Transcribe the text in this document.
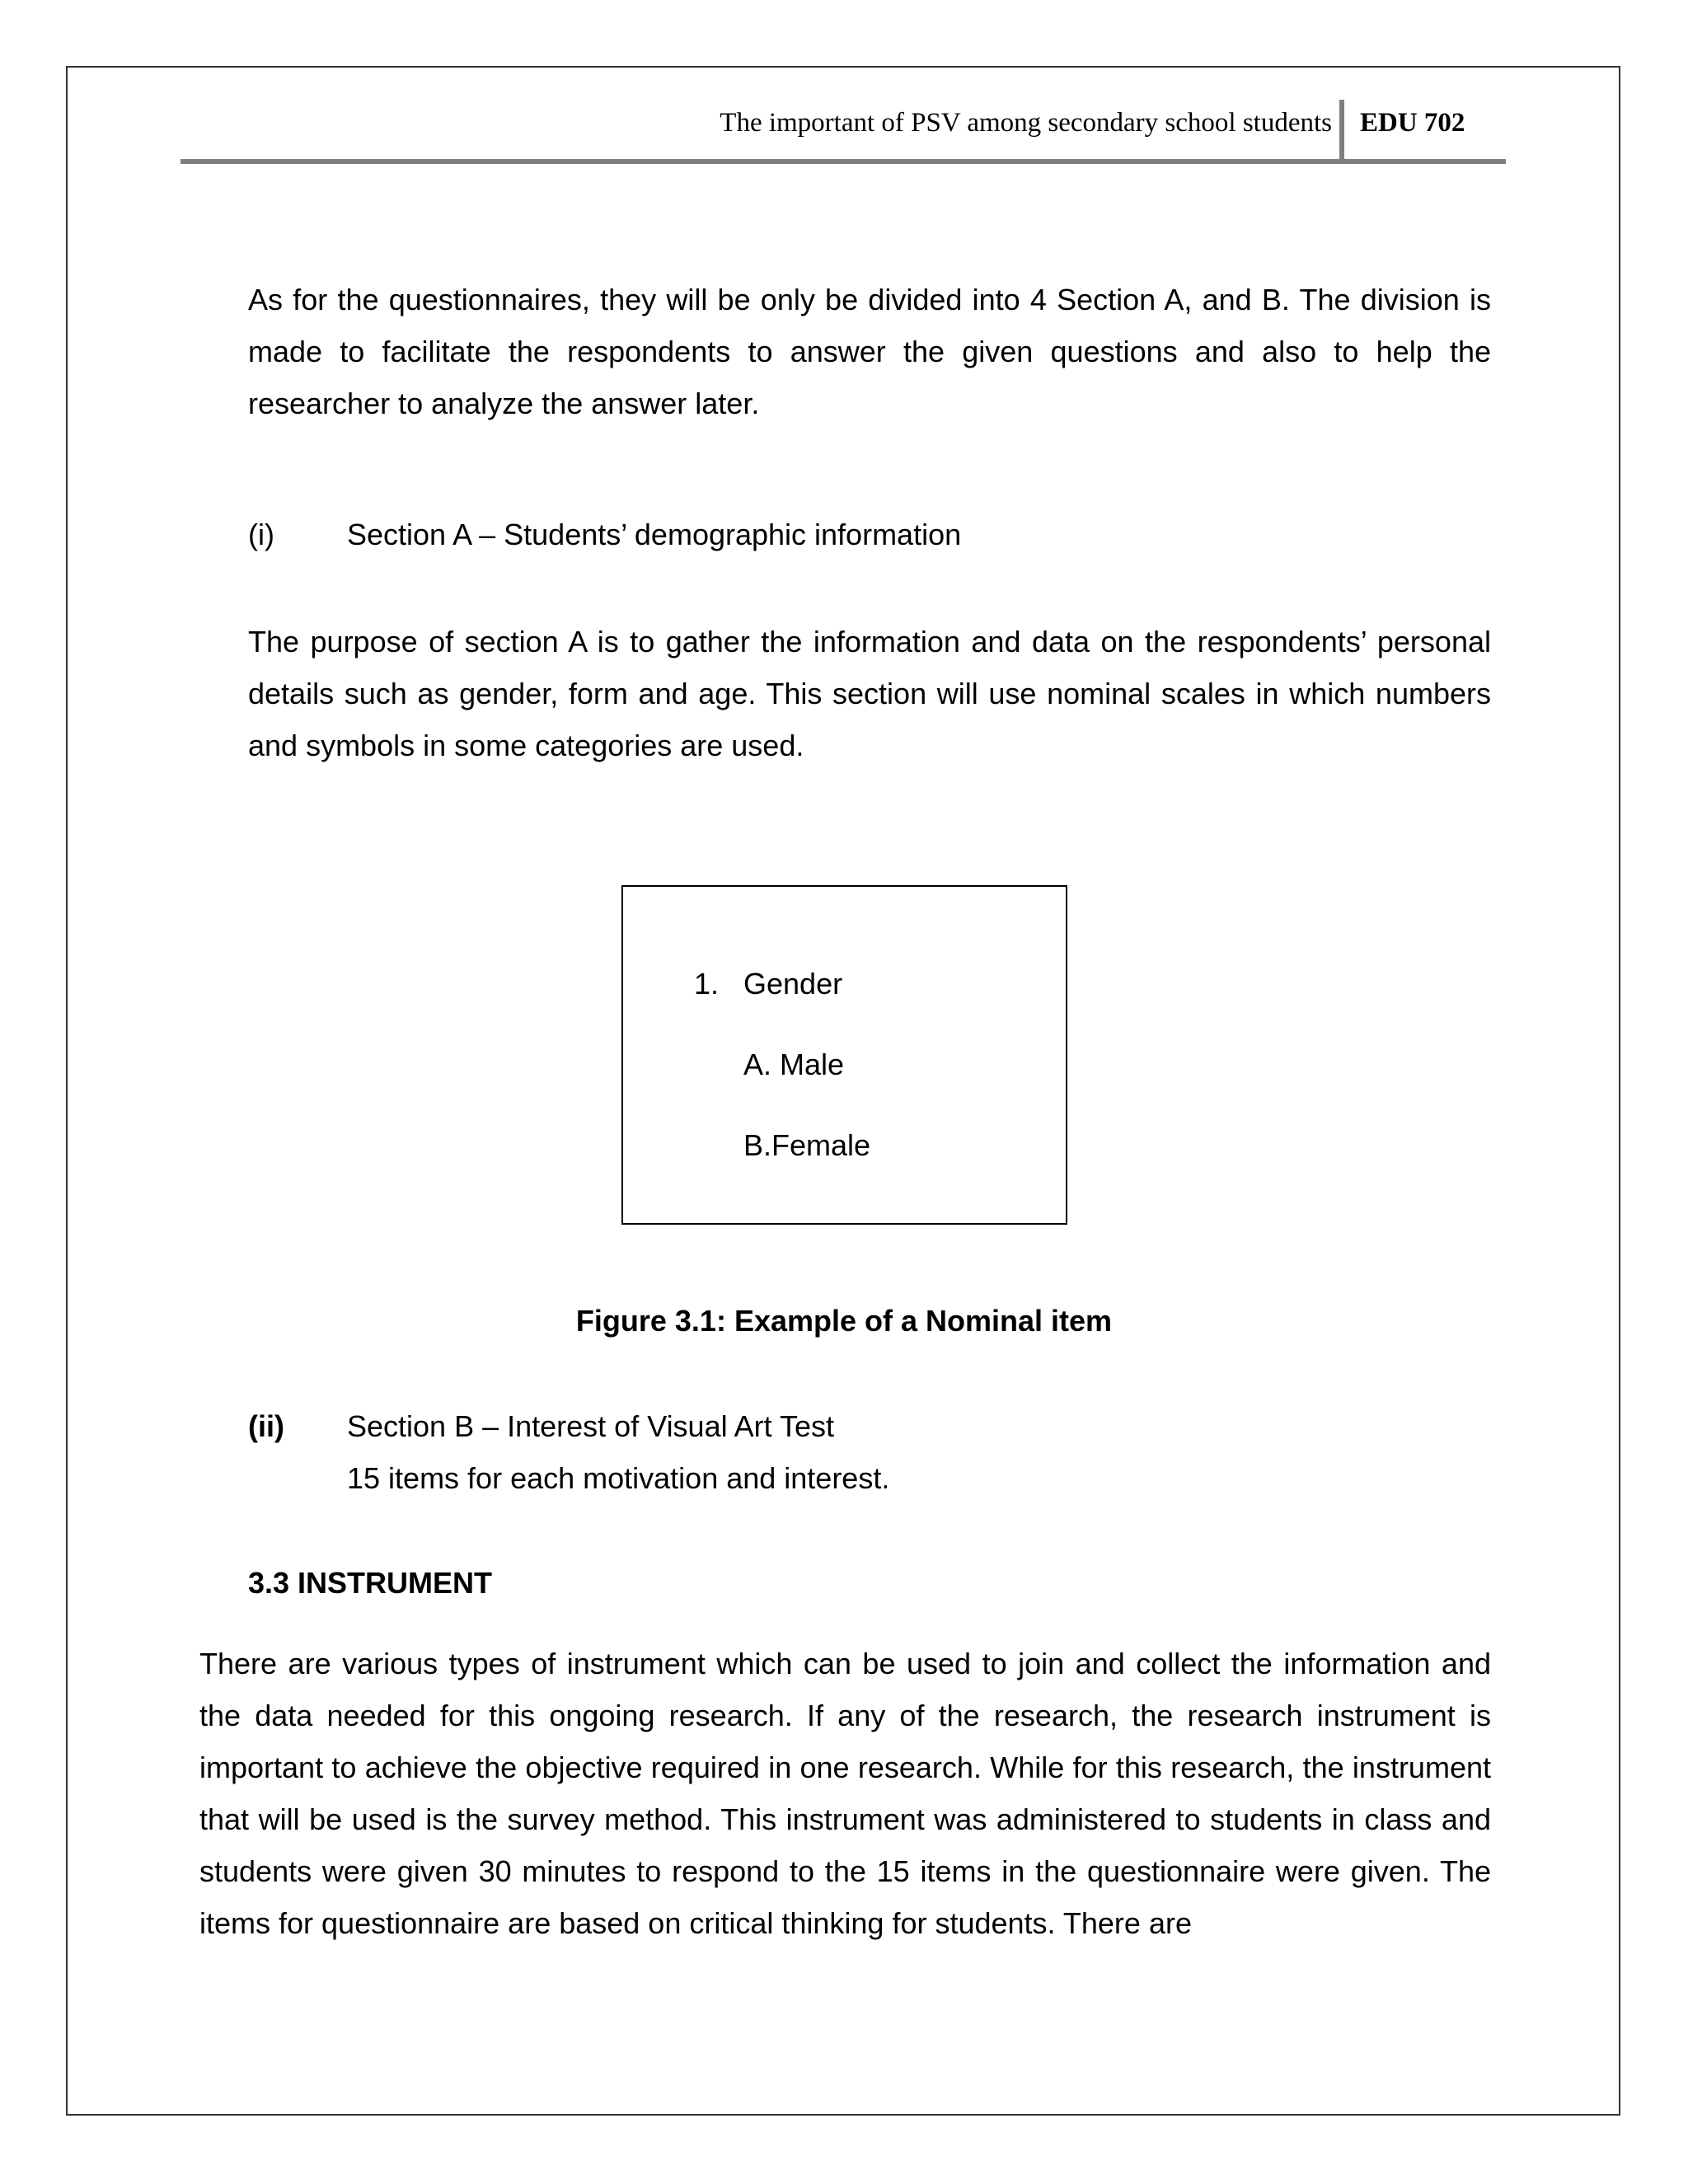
The important of PSV among secondary school students EDU 702

As for the questionnaires, they will be only be divided into 4 Section A, and B. The division is made to facilitate the respondents to answer the given questions and also to help the researcher to analyze the answer later.

(i) Section A – Students’ demographic information

The purpose of section A is to gather the information and data on the respondents’ personal details such as gender, form and age. This section will use nominal scales in which numbers and symbols in some categories are used.

1. Gender
A. Male
B.Female
Figure 3.1: Example of a Nominal item
(ii) Section B – Interest of Visual Art Test
15 items for each motivation and interest.
3.3 INSTRUMENT

There are various types of instrument which can be used to join and collect the information and the data needed for this ongoing research. If any of the research, the research instrument is important to achieve the objective required in one research. While for this research, the instrument that will be used is the survey method. This instrument was administered to students in class and students were given 30 minutes to respond to the 15 items in the questionnaire were given. The items for questionnaire are based on critical thinking for students. There are
